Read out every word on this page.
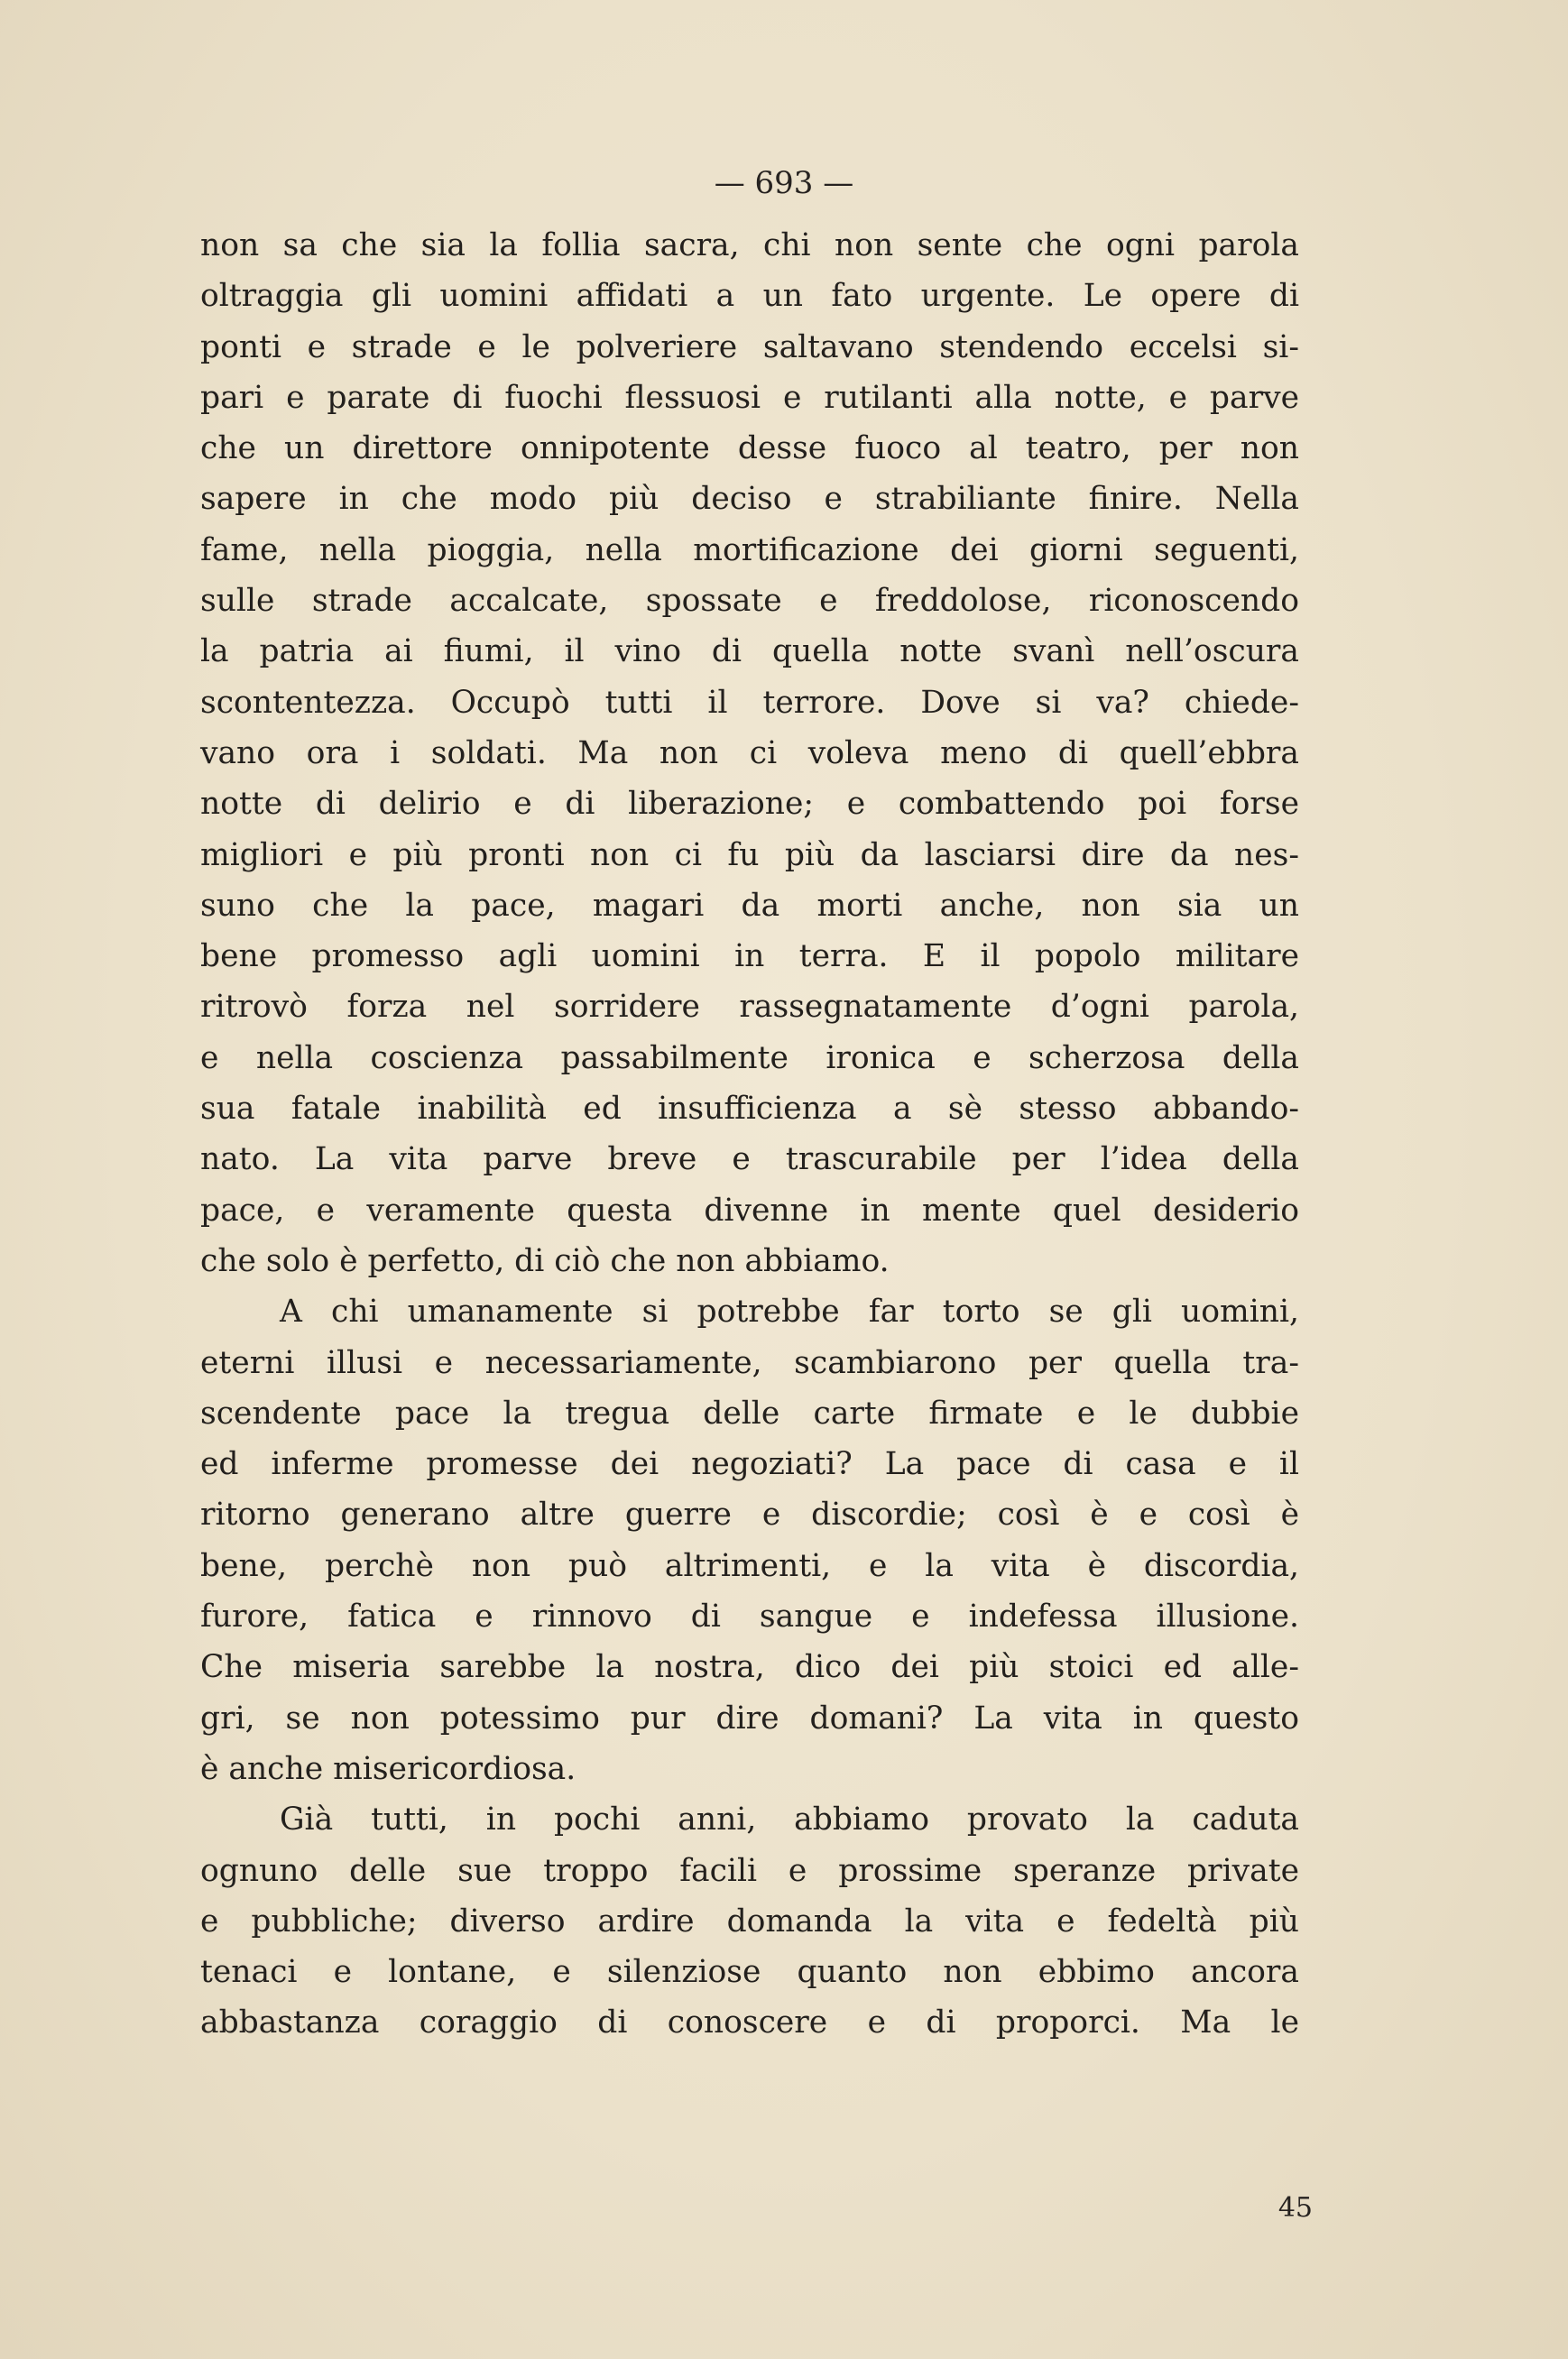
— 693 —
non sa che sia la follia sacra, chi non sente che ogni parola
oltraggia gli uomini affidati a un fato urgente. Le opere di
ponti e strade e le polveriere saltavano stendendo eccelsi si-
pari e parate di fuochi flessuosi e rutilanti alla notte, e parve
che un direttore onnipotente desse fuoco al teatro, per non
sapere in che modo più deciso e strabiliante finire. Nella
fame, nella pioggia, nella mortificazione dei giorni seguenti,
sulle strade accalcate, spossate e freddolose, riconoscendo
la patria ai fiumi, il vino di quella notte svanì nell’oscura
scontentezza. Occupò tutti il terrore. Dove si va? chiede-
vano ora i soldati. Ma non ci voleva meno di quell’ebbra
notte di delirio e di liberazione; e combattendo poi forse
migliori e più pronti non ci fu più da lasciarsi dire da nes-
suno che la pace, magari da morti anche, non sia un
bene promesso agli uomini in terra. E il popolo militare
ritrovò forza nel sorridere rassegnatamente d’ogni parola,
e nella coscienza passabilmente ironica e scherzosa della
sua fatale inabilità ed insufficienza a sè stesso abbando-
nato. La vita parve breve e trascurabile per l’idea della
pace, e veramente questa divenne in mente quel desiderio
che solo è perfetto, di ciò che non abbiamo.
A chi umanamente si potrebbe far torto se gli uomini,
eterni illusi e necessariamente, scambiarono per quella tra-
scendente pace la tregua delle carte firmate e le dubbie
ed inferme promesse dei negoziati? La pace di casa e il
ritorno generano altre guerre e discordie; così è e così è
bene, perchè non può altrimenti, e la vita è discordia,
furore, fatica e rinnovo di sangue e indefessa illusione.
Che miseria sarebbe la nostra, dico dei più stoici ed alle-
gri, se non potessimo pur dire domani? La vita in questo
è anche misericordiosa.
Già tutti, in pochi anni, abbiamo provato la caduta
ognuno delle sue troppo facili e prossime speranze private
e pubbliche; diverso ardire domanda la vita e fedeltà più
tenaci e lontane, e silenziose quanto non ebbimo ancora
abbastanza coraggio di conoscere e di proporci. Ma le
45
